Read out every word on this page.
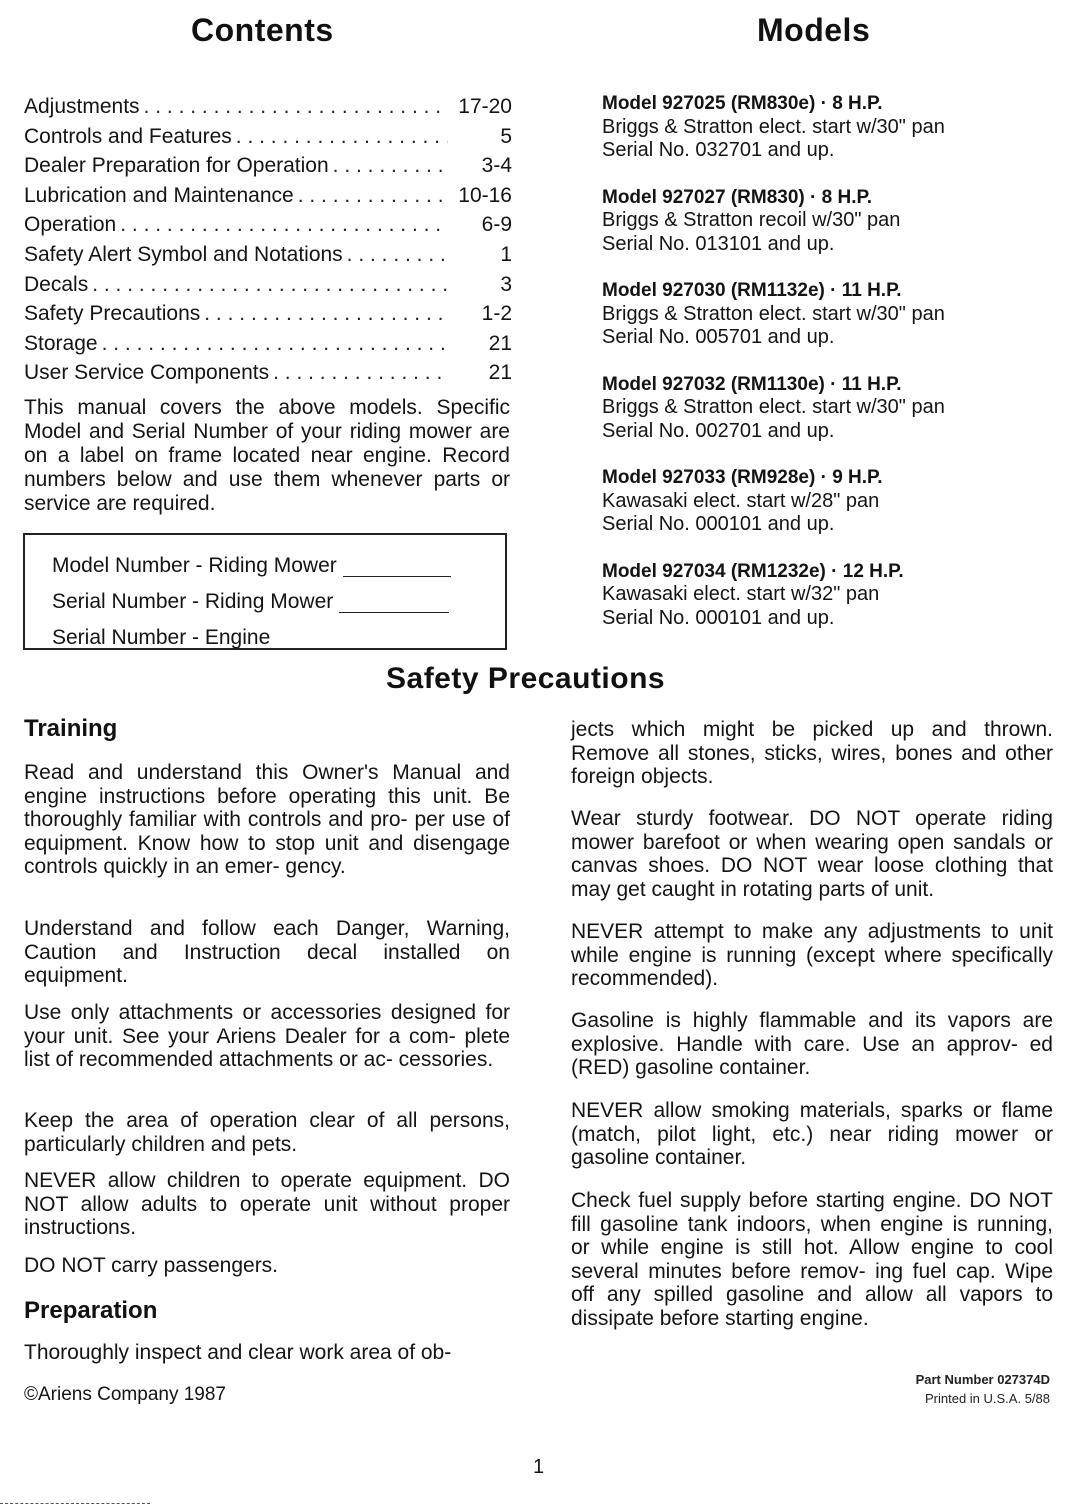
Contents
Adjustments . . .	17-20
Controls and Features . . .	5
Dealer Preparation for Operation . . .	3-4
Lubrication and Maintenance . . .	10-16
Operation . . .	6-9
Safety Alert Symbol and Notations . . .	1
Decals . . .	3
Safety Precautions . . .	1-2
Storage . . .	21
User Service Components . . .	21

This manual covers the above models. Specific Model and Serial Number of your riding mower are on a label on frame located near engine. Record numbers below and use them whenever parts or service are required.

Model Number - Riding Mower
Serial Number - Riding Mower
Serial Number - Engine
Models
Model 927025 (RM830e) · 8 H.P.
Briggs & Stratton elect. start w/30" pan
Serial No. 032701 and up.
Model 927027 (RM830) · 8 H.P.
Briggs & Stratton recoil w/30" pan
Serial No. 013101 and up.
Model 927030 (RM1132e) · 11 H.P.
Briggs & Stratton elect. start w/30" pan
Serial No. 005701 and up.
Model 927032 (RM1130e) · 11 H.P.
Briggs & Stratton elect. start w/30" pan
Serial No. 002701 and up.
Model 927033 (RM928e) · 9 H.P.
Kawasaki elect. start w/28" pan
Serial No. 000101 and up.
Model 927034 (RM1232e) · 12 H.P.
Kawasaki elect. start w/32" pan
Serial No. 000101 and up.
Safety Precautions
Training

Read and understand this Owner's Manual and engine instructions before operating this unit. Be thoroughly familiar with controls and pro- per use of equipment. Know how to stop unit and disengage controls quickly in an emer- gency.

Understand and follow each Danger, Warning, Caution and Instruction decal installed on equipment.

Use only attachments or accessories designed for your unit. See your Ariens Dealer for a com- plete list of recommended attachments or ac- cessories.

Keep the area of operation clear of all persons, particularly children and pets.

NEVER allow children to operate equipment. DO NOT allow adults to operate unit without proper instructions.

DO NOT carry passengers.

Preparation

Thoroughly inspect and clear work area of ob-

jects which might be picked up and thrown. Remove all stones, sticks, wires, bones and other foreign objects.

Wear sturdy footwear. DO NOT operate riding mower barefoot or when wearing open sandals or canvas shoes. DO NOT wear loose clothing that may get caught in rotating parts of unit.

NEVER attempt to make any adjustments to unit while engine is running (except where specifically recommended).

Gasoline is highly flammable and its vapors are explosive. Handle with care. Use an approv- ed (RED) gasoline container.

NEVER allow smoking materials, sparks or flame (match, pilot light, etc.) near riding mower or gasoline container.

Check fuel supply before starting engine. DO NOT fill gasoline tank indoors, when engine is running, or while engine is still hot. Allow engine to cool several minutes before remov- ing fuel cap. Wipe off any spilled gasoline and allow all vapors to dissipate before starting engine.

©Ariens Company 1987
Part Number 027374D
Printed in U.S.A. 5/88
1
